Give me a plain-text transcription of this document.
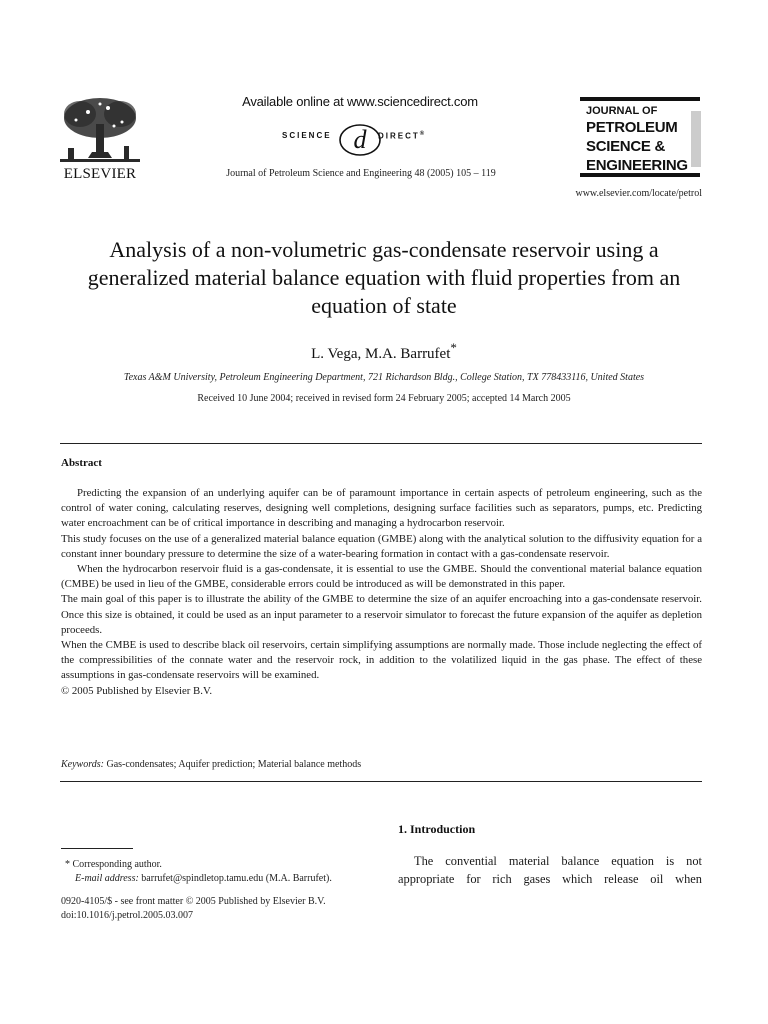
ELSEVIER
Available online at www.sciencedirect.com
SCIENCE d DIRECT®
Journal of Petroleum Science and Engineering 48 (2005) 105 – 119
JOURNAL OF
PETROLEUM
SCIENCE &
ENGINEERING
www.elsevier.com/locate/petrol
Analysis of a non-volumetric gas-condensate reservoir using a generalized material balance equation with fluid properties from an equation of state
L. Vega, M.A. Barrufet*
Texas A&M University, Petroleum Engineering Department, 721 Richardson Bldg., College Station, TX 778433116, United States
Received 10 June 2004; received in revised form 24 February 2005; accepted 14 March 2005
Abstract

Predicting the expansion of an underlying aquifer can be of paramount importance in certain aspects of petroleum engineering, such as the control of water coning, calculating reserves, designing well completions, designing surface facilities such as separators, pumps, etc. Predicting water encroachment can be of critical importance in describing and managing a hydrocarbon reservoir.

This study focuses on the use of a generalized material balance equation (GMBE) along with the analytical solution to the diffusivity equation for a constant inner boundary pressure to determine the size of a water-bearing formation in contact with a gas-condensate reservoir.

When the hydrocarbon reservoir fluid is a gas-condensate, it is essential to use the GMBE. Should the conventional material balance equation (CMBE) be used in lieu of the GMBE, considerable errors could be introduced as will be demonstrated in this paper.

The main goal of this paper is to illustrate the ability of the GMBE to determine the size of an aquifer encroaching into a gas-condensate reservoir. Once this size is obtained, it could be used as an input parameter to a reservoir simulator to forecast the future expansion of the aquifer as depletion proceeds.

When the CMBE is used to describe black oil reservoirs, certain simplifying assumptions are normally made. Those include neglecting the effect of the compressibilities of the connate water and the reservoir rock, in addition to the volatilized liquid in the gas phase. The effect of these assumptions in gas-condensate reservoirs will be examined.

© 2005 Published by Elsevier B.V.

Keywords: Gas-condensates; Aquifer prediction; Material balance methods
1. Introduction

The convential material balance equation is not appropriate for rich gases which release oil when

* Corresponding author.
E-mail address: barrufet@spindletop.tamu.edu (M.A. Barrufet).
0920-4105/$ - see front matter © 2005 Published by Elsevier B.V.
doi:10.1016/j.petrol.2005.03.007
